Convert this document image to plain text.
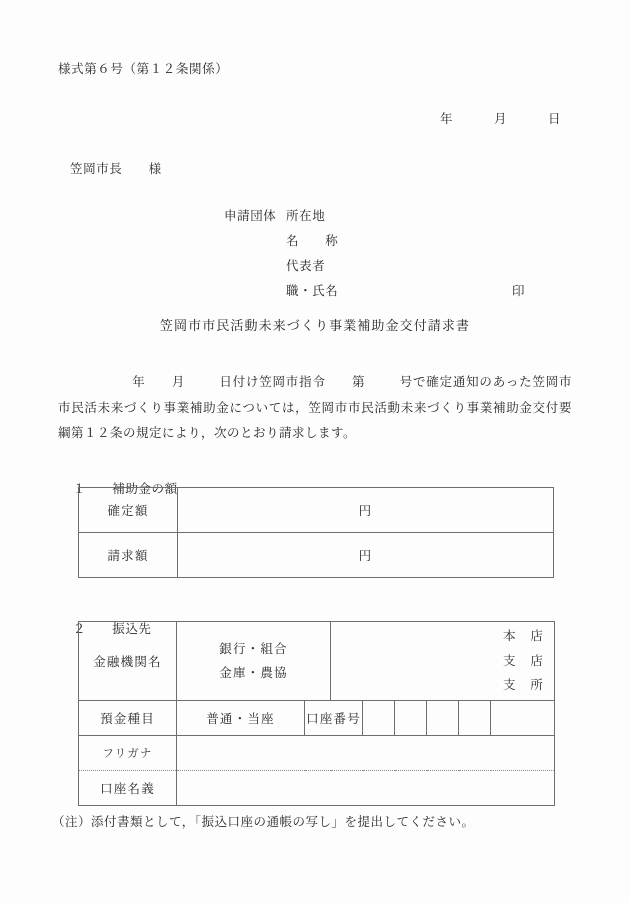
様式第６号（第１２条関係）
年　　　月　　　日
笠岡市長　　様

申請団体

所在地

名　　称

代表者

職・氏名

	印

笠岡市市民活動未来づくり事業補助金交付請求書
年 月	日付け笠岡市指令　　第	号で確定通知のあった笠岡市市民活未来づくり事業補助金については，笠岡市市民活動未来づくり事業補助金交付要綱第１２条の規定により，次のとおり請求します。

１　　 補助金の額

確定額	円
請求額	円

２　　 振込先

金融機関名	銀行・組合
金庫・農協		本　店
支　店
支　所					
預金種目	普通・当座	口座番号						
フリガナ								
口座名義								
（注）添付書類として，「振込口座の通帳の写し」を提出してください。
